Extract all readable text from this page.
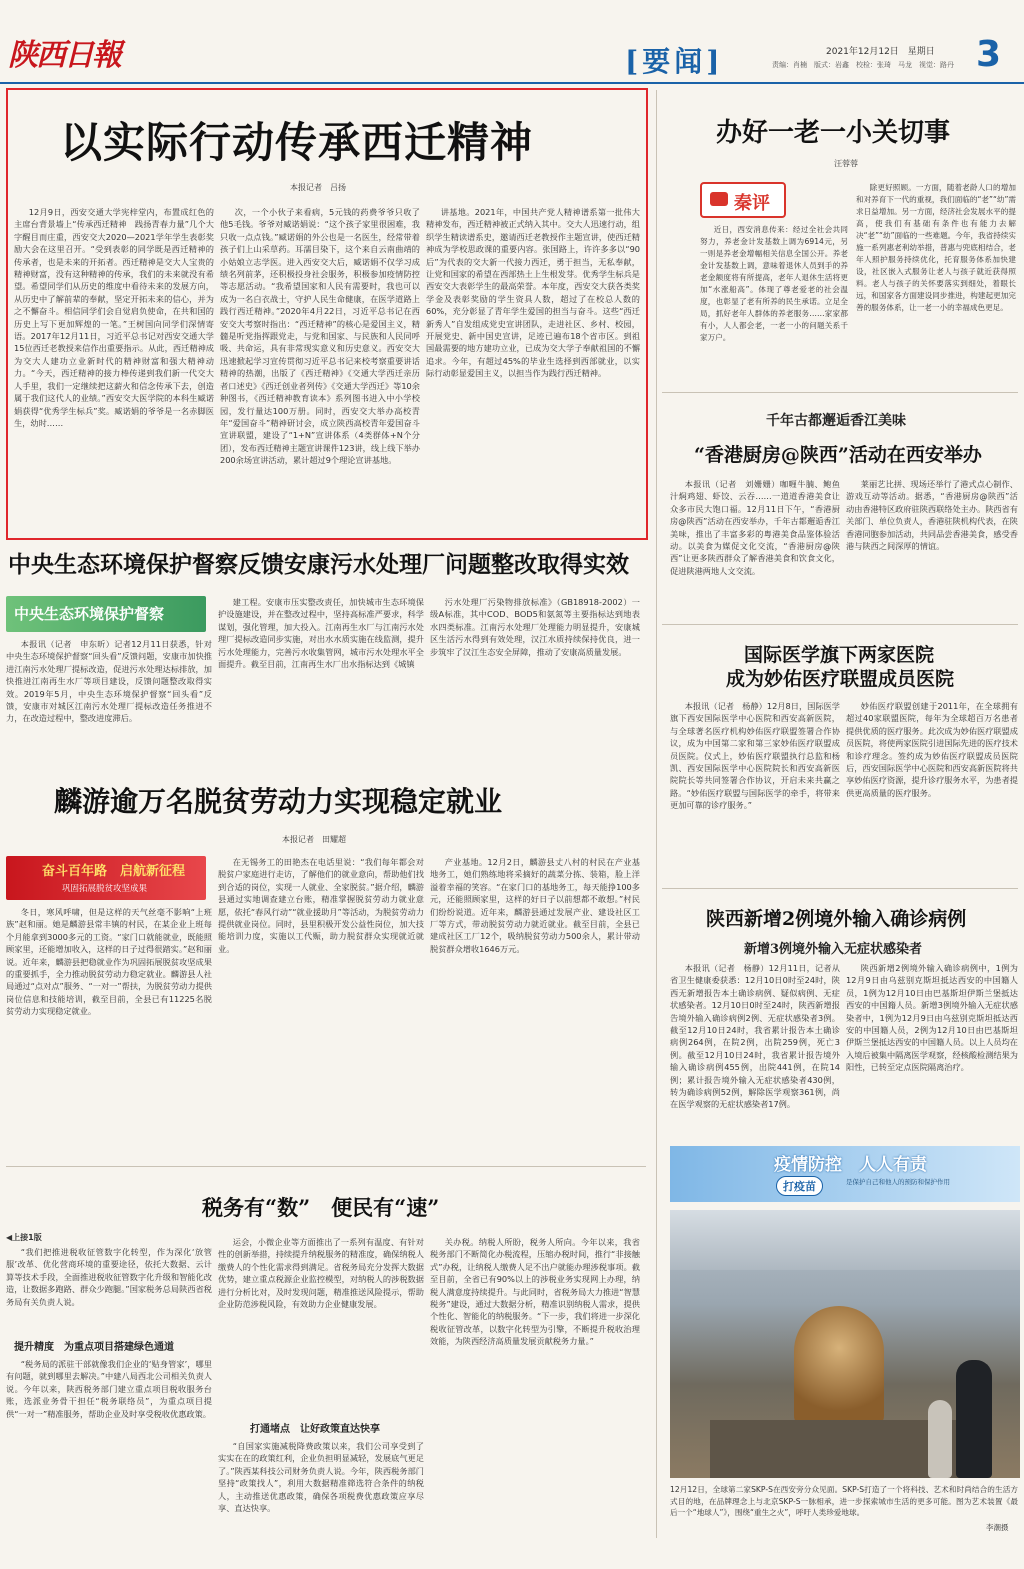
陕西日報	[要闻]	2021年12月12日　星期日
责编：肖楠　版式：岩鑫　校检：张琦　马龙　视觉：路丹 3
以实际行动传承西迁精神
本报记者　吕扬

12月9日，西安交通大学宪梓堂内，布置成红色的主席台背景墙上“传承西迁精神　践扬青春力量”几个大字醒目而庄重，西安交大2020—2021学年学生表彰奖励大会在这里召开。“受到表彰的同学既是西迁精神的传承者，也是未来的开拓者。西迁精神是交大人宝贵的精神财富，没有这种精神的传承，我们的未来就没有希望。希望同学们从历史的维度中看待未来的发展方向，从历史中了解前辈的奉献，坚定开拓未来的信心，并为之不懈奋斗。相信同学们会自觉肩负使命，在共和国的历史上写下更加辉煌的一笔。”王树国向同学们深情寄语。2017年12月11日，习近平总书记对西安交通大学15位西迁老教授来信作出重要指示。从此，西迁精神成为交大人建功立业新时代的精神财富和强大精神动力。“今天，西迁精神的接力棒传递到我们新一代交大人手里，我们一定继续把这薪火和信念传承下去，创造属于我们这代人的业绩。”西安交大医学院的本科生臧诺娟获得“优秀学生标兵”奖。臧诺娟的爷爷是一名赤脚医生，幼时……

次，一个小伙子来看病，5元钱的药费爷爷只收了他5毛钱。爷爷对臧诺娟说：“这个孩子家里很困难，我只收一点点钱。”臧诺娟的外公也是一名医生，经常带着孩子们上山采草药。耳濡目染下，这个来自云南曲靖的小姑娘立志学医。进入西安交大后，臧诺娟不仅学习成绩名列前茅，还积极投身社会服务，积极参加疫情防控等志愿活动。“我希望国家和人民有需要时，我也可以成为一名白衣战士，守护人民生命健康，在医学道路上践行西迁精神。”2020年4月22日，习近平总书记在西安交大考察时指出：“西迁精神”的核心是爱国主义，精髓是听党指挥跟党走，与党和国家、与民族和人民同呼吸、共命运，具有非常现实意义和历史意义。西安交大迅速掀起学习宣传贯彻习近平总书记来校考察重要讲话精神的热潮，出版了《西迁精神》《交通大学西迁亲历者口述史》《西迁创业者列传》《交通大学西迁》等10余种图书，《西迁精神教育读本》系列图书进入中小学校园，发行量达100万册。同时，西安交大举办高校青年“爱国奋斗”精神研讨会，成立陕西高校青年爱国奋斗宣讲联盟，建设了“1+N”宣讲体系（4类群体+N个分团），发布西迁精神主题宣讲课件123讲，线上线下举办200余场宣讲活动，累计超过9个理论宣讲基地。

讲基地。2021年，中国共产党人精神谱系第一批伟大精神发布，西迁精神被正式纳入其中。交大人迅速行动，组织学生精读谱系史，邀请西迁老教授作主题宣讲，使西迁精神成为学校思政课的重要内容。张国路上，许许多多以“90后”为代表的交大新一代接力西迁，勇于担当，无私奉献，让党和国家的希望在西部热土上生根发芽。优秀学生标兵是西安交大表彰学生的最高荣誉。本年度，西安交大获各类奖学金及表彰奖励的学生资具人数，超过了在校总人数的60%，充分彰显了青年学生爱国的担当与奋斗。这些“西迁新秀人”自发组成党史宣讲团队，走进社区、乡村、校园，开展党史、新中国史宣讲，足迹已遍布18个省市区。到祖国最需要的地方建功立业，已成为交大学子奉献祖国的不懈追求。今年，有超过45%的毕业生选择到西部就业，以实际行动彰显爱国主义，以担当作为践行西迁精神。

办好一老一小关切事
汪蓉蓉
秦评

近日，西安消息传来：经过全社会共同努力，养老金计发基数上调为6914元，另一则是养老金增幅相关信息全国公开。养老金计发基数上调，意味着退休人员到手的养老金额度将有所提高，老年人退休生活将更加“水涨船高”。体现了尊老爱老的社会温度，也彰显了老有所养的民生承诺。立足全局，抓好老年人群体的养老服务……家家都有小，人人都会老，一老一小的问题关系千家万户。

除更好照顾。一方面，随着老龄人口的增加和对养育下一代的重视，我们面临的“老”“幼”需求日益增加。另一方面，经济社会发展水平的提高，使我们有基础有条件也有能力去解决“老”“幼”面临的一些难题。今年，我省持续实施一系列惠老利幼举措，普惠与兜底相结合，老年人照护服务持续优化，托育服务体系加快建设，社区嵌入式服务让老人与孩子就近获得照料。老人与孩子的关怀要落实到细处，着眼长远，和国家各方面建设同步推进，构建起更加完善的服务体系，让一老一小的幸福成色更足。

千年古都邂逅香江美味
“香港厨房@陕西”活动在西安举办

本报讯（记者　刘姗姗）咖喱牛腩、鲍鱼汁焖鸡翅、虾饺、云吞……一道道香港美食让众多市民大饱口福。12月11日下午，“香港厨房@陕西”活动在西安举办，千年古都邂逅香江美味，推出了丰富多彩的粤港美食品鉴体验活动。以美食为媒促文化交流，“香港厨房@陕西”让更多陕西群众了解香港美食和饮食文化，促进陕港两地人文交流。

莱丽艺比拼、现场还举行了港式点心制作、游戏互动等活动。据悉，“香港厨房@陕西”活动由香港特区政府驻陕西联络处主办。陕西省有关部门、单位负责人，香港驻陕机构代表，在陕香港同胞参加活动，共同品尝香港美食，感受香港与陕西之间深厚的情谊。

国际医学旗下两家医院
成为妙佑医疗联盟成员医院

本报讯（记者　杨静）12月8日，国际医学旗下西安国际医学中心医院和西安高新医院，与全球著名医疗机构妙佑医疗联盟签署合作协议，成为中国第二家和第三家妙佑医疗联盟成员医院。仪式上，妙佑医疗联盟执行总监和杨凯、西安国际医学中心医院院长和西安高新医院院长等共同签署合作协议，开启未来共赢之路。“妙佑医疗联盟与国际医学的牵手，将带来更加可靠的诊疗服务。”

妙佑医疗联盟创建于2011年，在全球拥有超过40家联盟医院，每年为全球超百万名患者提供优质的医疗服务。此次成为妙佑医疗联盟成员医院，将使两家医院引进国际先进的医疗技术和诊疗理念。签约成为妙佑医疗联盟成员医院后，西安国际医学中心医院和西安高新医院将共享妙佑医疗资源，提升诊疗服务水平，为患者提供更高质量的医疗服务。

陕西新增2例境外输入确诊病例
新增3例境外输入无症状感染者

本报讯（记者　杨静）12月11日，记者从省卫生健康委获悉：12月10日0时至24时，陕西无新增报告本土确诊病例、疑似病例、无症状感染者。12月10日0时至24时，陕西新增报告境外输入确诊病例2例、无症状感染者3例。截至12月10日24时，我省累计报告本土确诊病例264例，在院2例，出院259例，死亡3例。截至12月10日24时，我省累计报告境外输入确诊病例455例，出院441例，在院14例；累计报告境外输入无症状感染者430例，转为确诊病例52例，解除医学观察361例，尚在医学观察的无症状感染者17例。

陕西新增2例境外输入确诊病例中，1例为12月9日由乌兹别克斯坦抵达西安的中国籍人员，1例为12月10日由巴基斯坦伊斯兰堡抵达西安的中国籍人员。新增3例境外输入无症状感染者中，1例为12月9日由乌兹别克斯坦抵达西安的中国籍人员，2例为12月10日由巴基斯坦伊斯兰堡抵达西安的中国籍人员。以上人员均在入境后被集中隔离医学观察，经核酸检测结果为阳性，已转至定点医院隔离治疗。

疫情防控　人人有责
打疫苗	是保护自己和他人的预防和保护作用
12月12日，全球第二家SKP-S在西安旁分众见面。SKP-S打造了一个将科技、艺术和时尚结合的生活方式目的地，在品牌理念上与北京SKP-S一脉相承，进一步探索城市生活的更多可能。图为艺术装置《最后一个“地球人”》，围绕“重生之火”，呼吁人类珍爱地球。
李潮摄
中央生态环境保护督察反馈安康污水处理厂问题整改取得实效
中央生态环境保护督察

本报讯（记者　申东昕）记者12月11日获悉，针对中央生态环境保护督察“回头看”反馈问题，安康市加快推进江南污水处理厂提标改造，促进污水处理达标排放，加快推进江南再生水厂等项目建设，反馈问题整改取得实效。2019年5月，中央生态环境保护督察“回头看”反馈，安康市对城区江南污水处理厂提标改造任务推进不力，在改造过程中，整改进度滞后。

建工程。安康市压实整改责任，加快城市生态环境保护设施建设，并在整改过程中，坚持高标准严要求，科学谋划，强化管理，加大投入。江南再生水厂与江南污水处理厂提标改造同步实施，对出水水质实施在线监测，提升污水处理能力，完善污水收集管网，城市污水处理水平全面提升。截至目前，江南再生水厂出水指标达到《城镇

污水处理厂污染物排放标准》（GB18918-2002）一级A标准，其中COD、BOD5和氨氮等主要指标达到地表水四类标准。江南污水处理厂处理能力明显提升，安康城区生活污水得到有效处理，汉江水质持续保持优良，进一步筑牢了汉江生态安全屏障，推动了安康高质量发展。

麟游逾万名脱贫劳动力实现稳定就业
本报记者　田耀超
奋斗百年路　启航新征程
巩固拓展脱贫攻坚成果

冬日，寒风呼啸，但是这样的天气丝毫不影响“上班族”赵和丽。她是麟游县常丰镇的村民，在某企业上班每个月能拿到3000多元的工资。“家门口就能就业，既能照顾家里，还能增加收入，这样的日子过得很踏实。”赵和丽说。近年来，麟游县把稳就业作为巩固拓展脱贫攻坚成果的重要抓手，全力推动脱贫劳动力稳定就业。麟游县人社局通过“点对点”服务、“一对一”帮扶，为脱贫劳动力提供岗位信息和技能培训，截至目前，全县已有11225名脱贫劳动力实现稳定就业。

在无锡务工的田艳杰在电话里说：“我们每年都会对脱贫户家庭进行走访，了解他们的就业意向，帮助他们找到合适的岗位，实现一人就业、全家脱贫。”据介绍，麟游县通过实地调查建立台账，精准掌握脱贫劳动力就业意愿，依托“春风行动”“就业援助月”等活动，为脱贫劳动力提供就业岗位。同时，县里积极开发公益性岗位，加大技能培训力度，实施以工代赈，助力脱贫群众实现就近就业。

产业基地。12月2日，麟游县丈八村的村民在产业基地务工，她们熟练地将采摘好的蔬菜分拣、装箱，脸上洋溢着幸福的笑容。“在家门口的基地务工，每天能挣100多元，还能照顾家里，这样的好日子以前想都不敢想。”村民们纷纷说道。近年来，麟游县通过发展产业、建设社区工厂等方式，带动脱贫劳动力就近就业。截至目前，全县已建成社区工厂12个，吸纳脱贫劳动力500余人，累计带动脱贫群众增收1646万元。

税务有“数”　便民有“速”
◀上接1版

“我们把推进税收征管数字化转型，作为深化‘放管服’改革、优化营商环境的重要途径，依托大数据、云计算等技术手段，全面推进税收征管数字化升级和智能化改造，让数据多跑路、群众少跑腿。”国家税务总局陕西省税务局有关负责人说。

提升精度　为重点项目搭建绿色通道

“税务局的派驻干部就像我们企业的‘贴身管家’，哪里有问题，就到哪里去解决。”中建八局西北公司相关负责人说。今年以来，陕西税务部门建立重点项目税收服务台账，选派业务骨干担任“税务联络员”，为重点项目提供“一对一”精准服务，帮助企业及时享受税收优惠政策。

运会，小微企业等方面推出了一系列有温度、有针对性的创新举措，持续提升纳税服务的精准度，确保纳税人缴费人的个性化需求得到满足。省税务局充分发挥大数据优势，建立重点税源企业监控模型，对纳税人的涉税数据进行分析比对，及时发现问题，精准推送风险提示，帮助企业防范涉税风险，有效助力企业健康发展。

打通堵点　让好政策直达快享

“自国家实施减税降费政策以来，我们公司享受到了实实在在的政策红利，企业负担明显减轻，发展底气更足了。”陕西某科技公司财务负责人说。今年，陕西税务部门坚持“政策找人”，利用大数据精准筛选符合条件的纳税人，主动推送优惠政策，确保各项税费优惠政策应享尽享、直达快享。

关办税。纳税人所盼，税务人所向。今年以来，我省税务部门不断简化办税流程，压缩办税时间，推行“非接触式”办税，让纳税人缴费人足不出户就能办理涉税事项。截至目前，全省已有90%以上的涉税业务实现网上办理，纳税人满意度持续提升。与此同时，省税务局大力推进“智慧税务”建设，通过大数据分析，精准识别纳税人需求，提供个性化、智能化的纳税服务。“下一步，我们将进一步深化税收征管改革，以数字化转型为引擎，不断提升税收治理效能，为陕西经济高质量发展贡献税务力量。”
